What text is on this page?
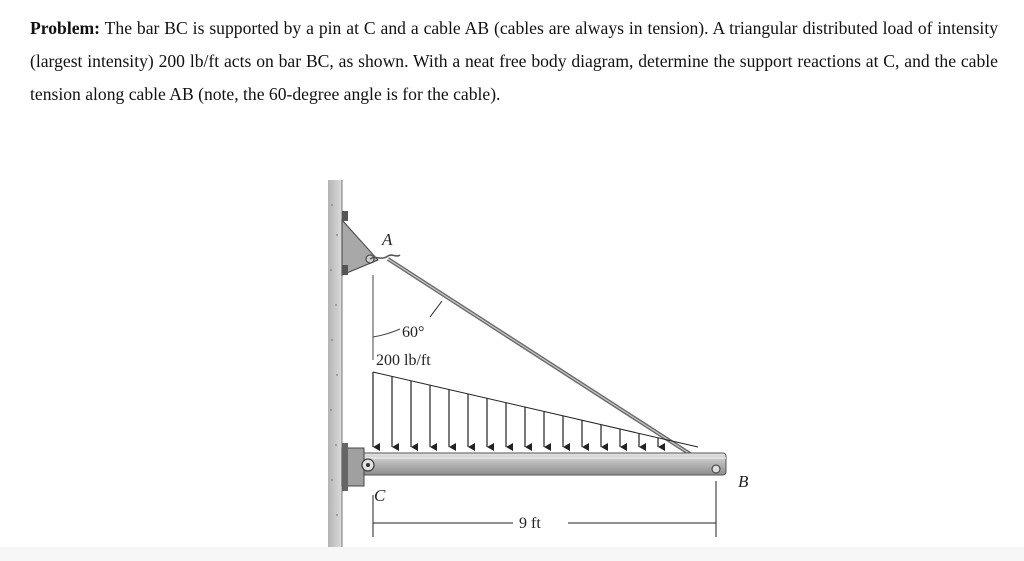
Problem: The bar BC is supported by a pin at C and a cable AB (cables are always in tension). A triangular distributed load of intensity (largest intensity) 200 lb/ft acts on bar BC, as shown. With a neat free body diagram, determine the support reactions at C, and the cable tension along cable AB (note, the 60-degree angle is for the cable).

A
B
C
60°
200 lb/ft
9 ft
